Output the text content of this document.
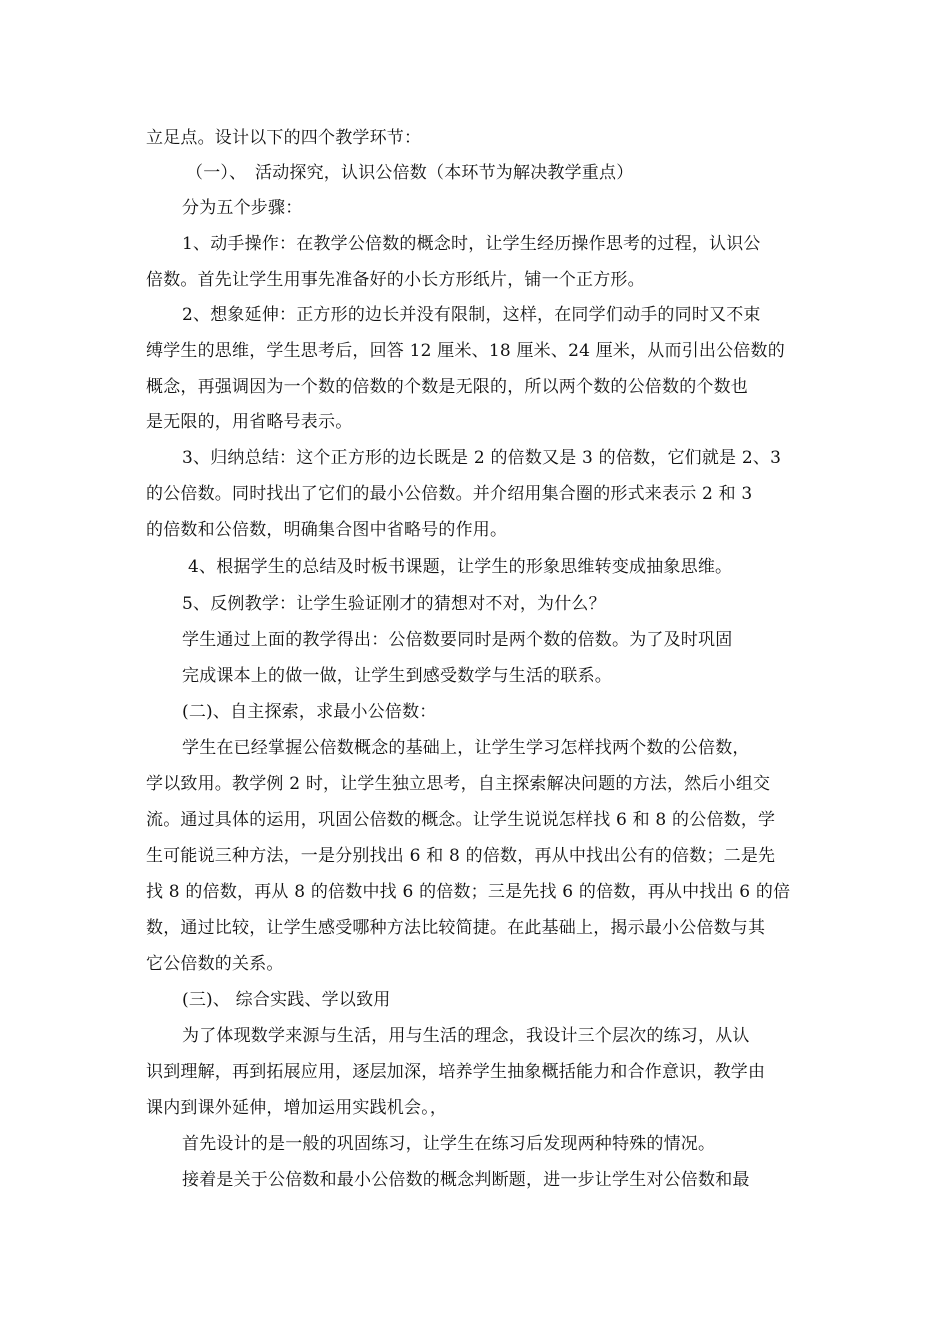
立足点。设计以下的四个教学环节：
（一）、　活动探究，认识公倍数（本环节为解决教学重点）
分为五个步骤：
1、动手操作：在教学公倍数的概念时，让学生经历操作思考的过程，认识公
倍数。首先让学生用事先准备好的小长方形纸片，铺一个正方形。
2、想象延伸：正方形的边长并没有限制，这样，在同学们动手的同时又不束
缚学生的思维，学生思考后，回答 12 厘米、18 厘米、24 厘米，从而引出公倍数的
概念，再强调因为一个数的倍数的个数是无限的，所以两个数的公倍数的个数也
是无限的，用省略号表示。
3、归纳总结：这个正方形的边长既是 2 的倍数又是 3 的倍数，它们就是 2、3
的公倍数。同时找出了它们的最小公倍数。并介绍用集合圈的形式来表示 2 和 3
的倍数和公倍数，明确集合图中省略号的作用。
4、根据学生的总结及时板书课题，让学生的形象思维转变成抽象思维。
5、反例教学：让学生验证刚才的猜想对不对，为什么？
学生通过上面的教学得出：公倍数要同时是两个数的倍数。为了及时巩固
完成课本上的做一做，让学生到感受数学与生活的联系。
(二)、自主探索，求最小公倍数：
学生在已经掌握公倍数概念的基础上，让学生学习怎样找两个数的公倍数，
学以致用。教学例 2 时，让学生独立思考，自主探索解决问题的方法，然后小组交
流。通过具体的运用，巩固公倍数的概念。让学生说说怎样找 6 和 8 的公倍数，学
生可能说三种方法，一是分别找出 6 和 8 的倍数，再从中找出公有的倍数；二是先
找 8 的倍数，再从 8 的倍数中找 6 的倍数；三是先找 6 的倍数，再从中找出 6 的倍
数，通过比较，让学生感受哪种方法比较简捷。在此基础上，揭示最小公倍数与其
它公倍数的关系。
(三)、 综合实践、学以致用
为了体现数学来源与生活，用与生活的理念，我设计三个层次的练习，从认
识到理解，再到拓展应用，逐层加深，培养学生抽象概括能力和合作意识，教学由
课内到课外延伸，增加运用实践机会。，
首先设计的是一般的巩固练习，让学生在练习后发现两种特殊的情况。
接着是关于公倍数和最小公倍数的概念判断题，进一步让学生对公倍数和最
